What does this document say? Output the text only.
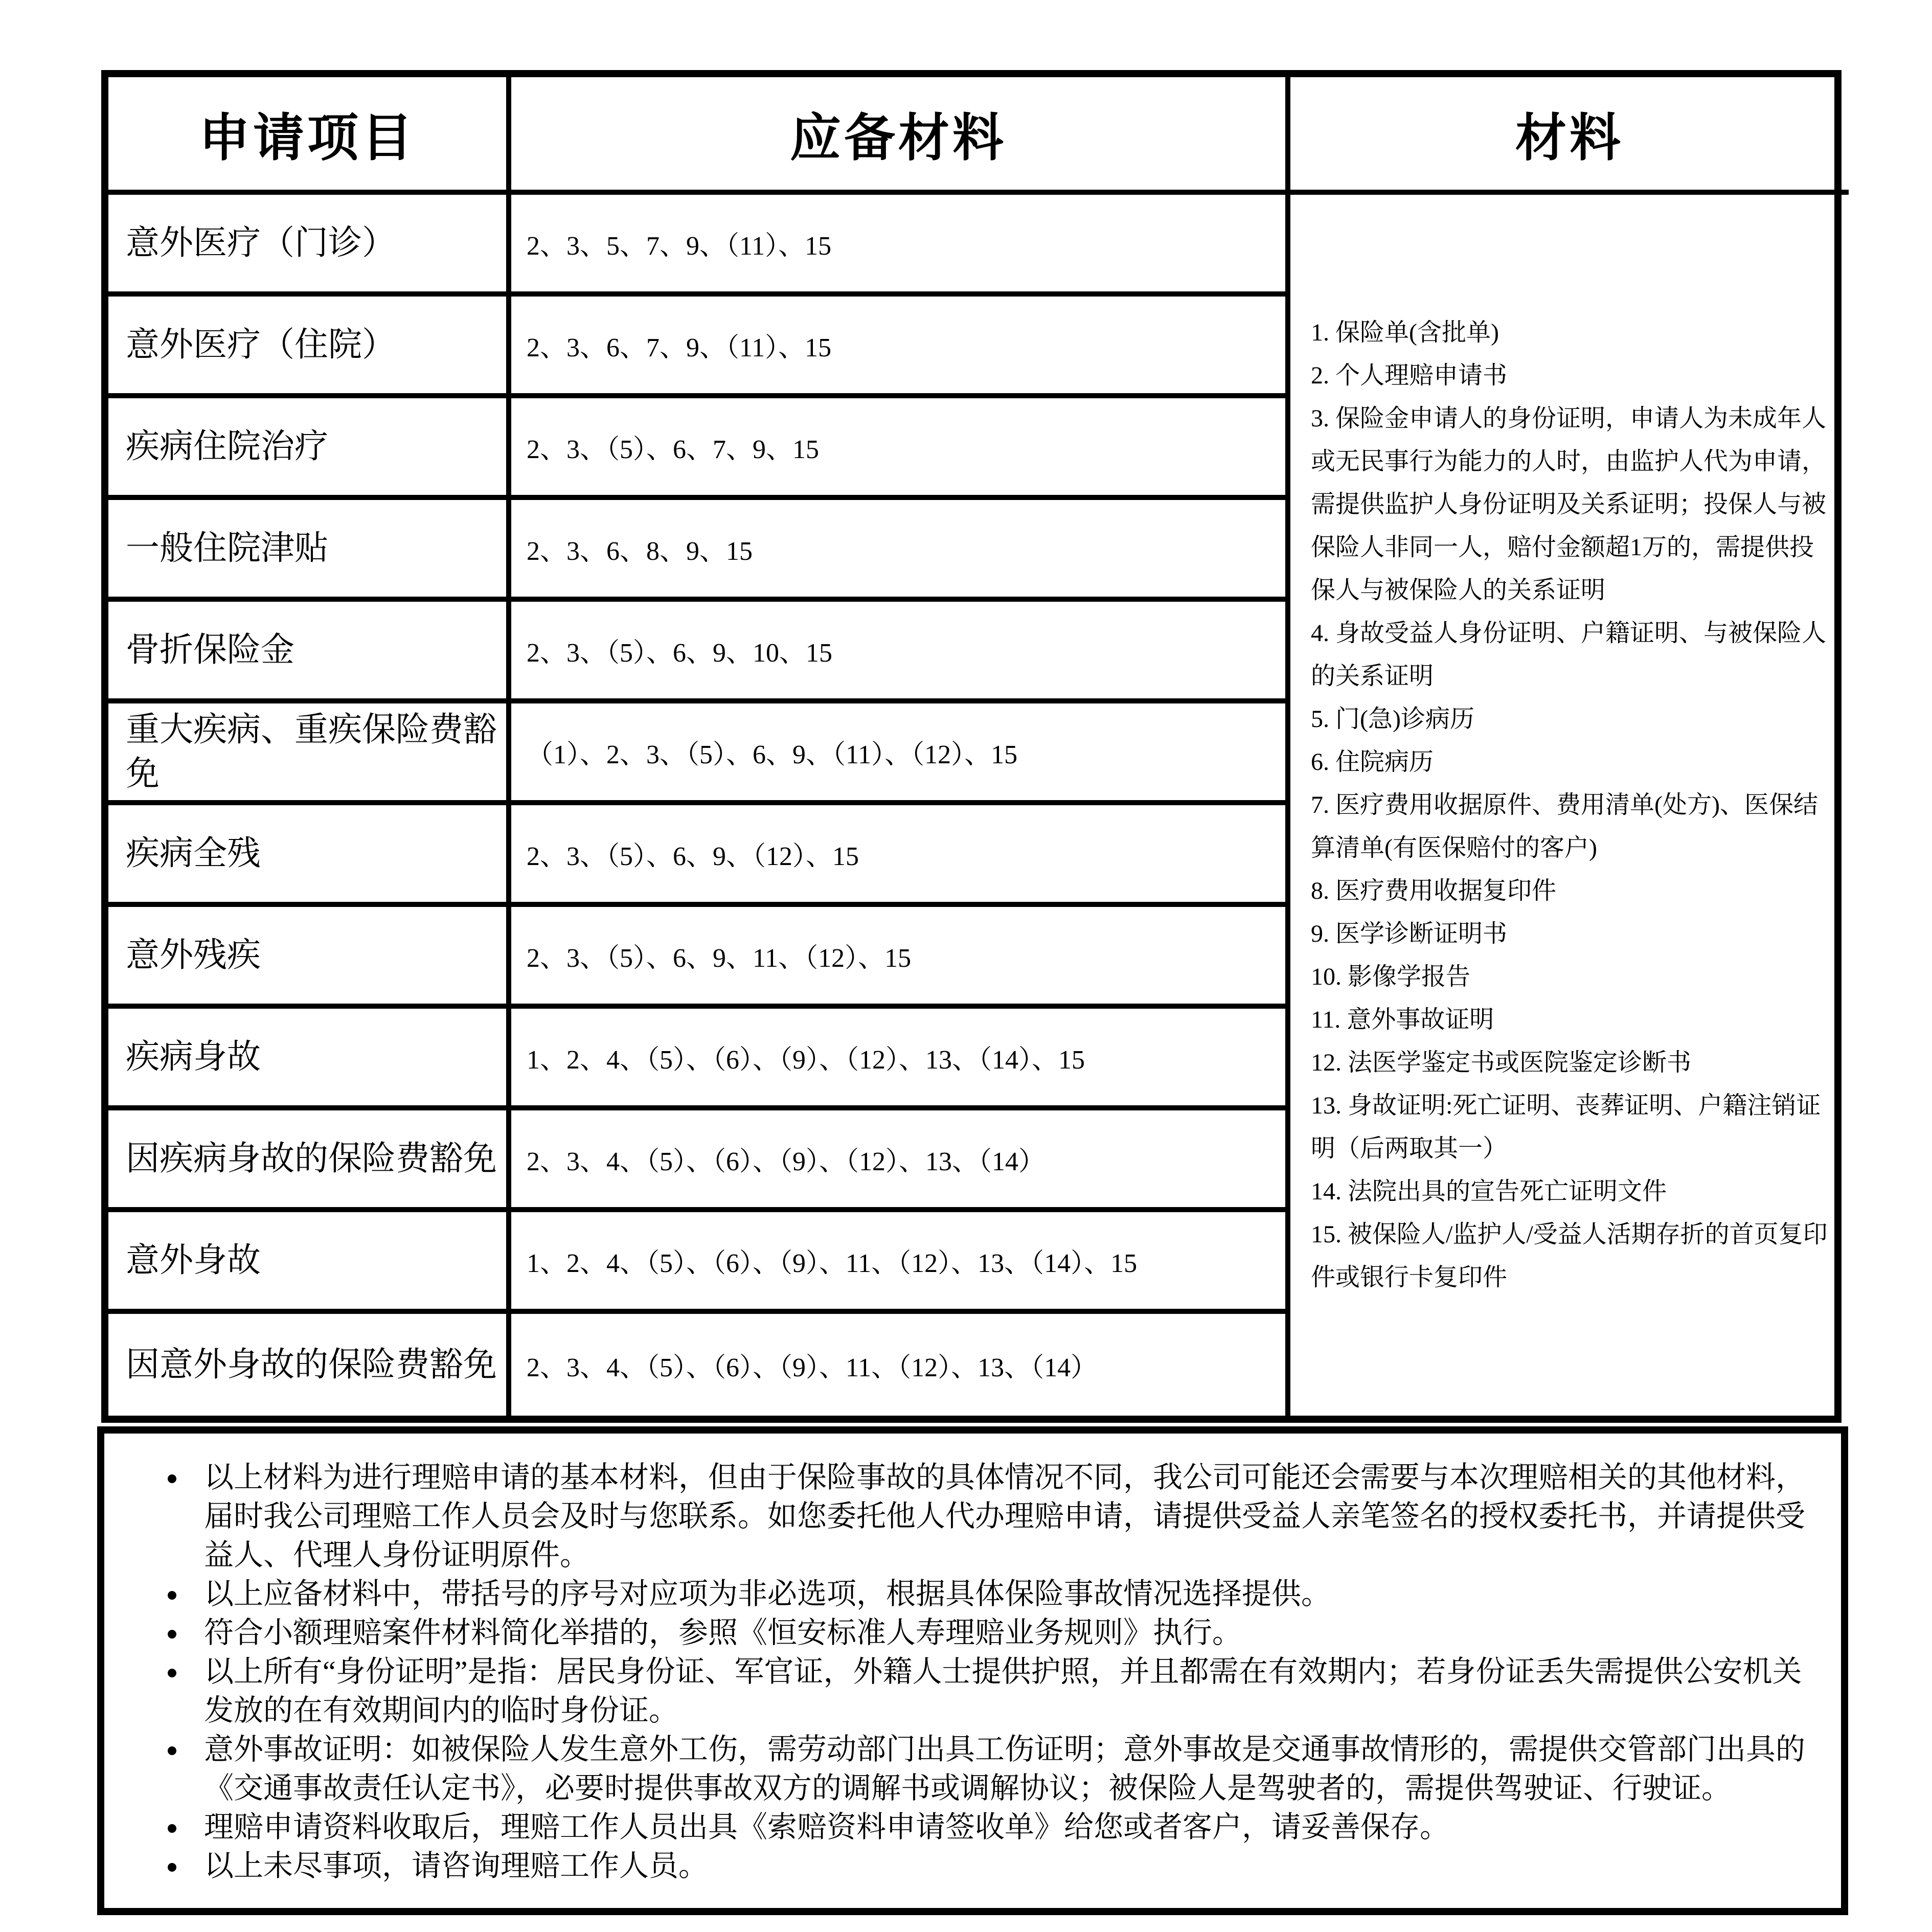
申请项目	应备材料	材料

1. 保险单(含批单)

2. 个人理赔申请书

3. 保险金申请人的身份证明，申请人为未成年人或无民事行为能力的人时，由监护人代为申请，需提供监护人身份证明及关系证明；投保人与被保险人非同一人，赔付金额超1万的，需提供投保人与被保险人的关系证明

4. 身故受益人身份证明、户籍证明、与被保险人的关系证明

5. 门(急)诊病历

6. 住院病历

7. 医疗费用收据原件、费用清单(处方)、医保结算清单(有医保赔付的客户)

8. 医疗费用收据复印件

9. 医学诊断证明书

10. 影像学报告

11. 意外事故证明

12. 法医学鉴定书或医院鉴定诊断书

13. 身故证明:死亡证明、丧葬证明、户籍注销证明（后两取其一）

14. 法院出具的宣告死亡证明文件

15. 被保险人/监护人/受益人活期存折的首页复印件或银行卡复印件

意外医疗（门诊）	2、3、5、7、9、（11）、15
意外医疗（住院）	2、3、6、7、9、（11）、15
疾病住院治疗	2、3、（5）、6、7、9、15
一般住院津贴	2、3、6、8、9、15
骨折保险金	2、3、（5）、6、9、10、15
重大疾病、重疾保险费豁免	（1）、2、3、（5）、6、9、（11）、（12）、15
疾病全残	2、3、（5）、6、9、（12）、15
意外残疾	2、3、（5）、6、9、11、（12）、15
疾病身故	1、2、4、（5）、（6）、（9）、（12）、13、（14）、15
因疾病身故的保险费豁免	2、3、4、（5）、（6）、（9）、（12）、13、（14）
意外身故	1、2、4、（5）、（6）、（9）、11、（12）、13、（14）、15
因意外身故的保险费豁免	2、3、4、（5）、（6）、（9）、11、（12）、13、（14）
• 以上材料为进行理赔申请的基本材料，但由于保险事故的具体情况不同，我公司可能还会需要与本次理赔相关的其他材料，届时我公司理赔工作人员会及时与您联系。如您委托他人代办理赔申请，请提供受益人亲笔签名的授权委托书，并请提供受益人、代理人身份证明原件。
• 以上应备材料中，带括号的序号对应项为非必选项，根据具体保险事故情况选择提供。
• 符合小额理赔案件材料简化举措的，参照《恒安标准人寿理赔业务规则》执行。
• 以上所有“身份证明”是指：居民身份证、军官证，外籍人士提供护照，并且都需在有效期内；若身份证丢失需提供公安机关发放的在有效期间内的临时身份证。
• 意外事故证明：如被保险人发生意外工伤，需劳动部门出具工伤证明；意外事故是交通事故情形的，需提供交管部门出具的《交通事故责任认定书》，必要时提供事故双方的调解书或调解协议；被保险人是驾驶者的，需提供驾驶证、行驶证。
• 理赔申请资料收取后，理赔工作人员出具《索赔资料申请签收单》给您或者客户，请妥善保存。
• 以上未尽事项，请咨询理赔工作人员。
